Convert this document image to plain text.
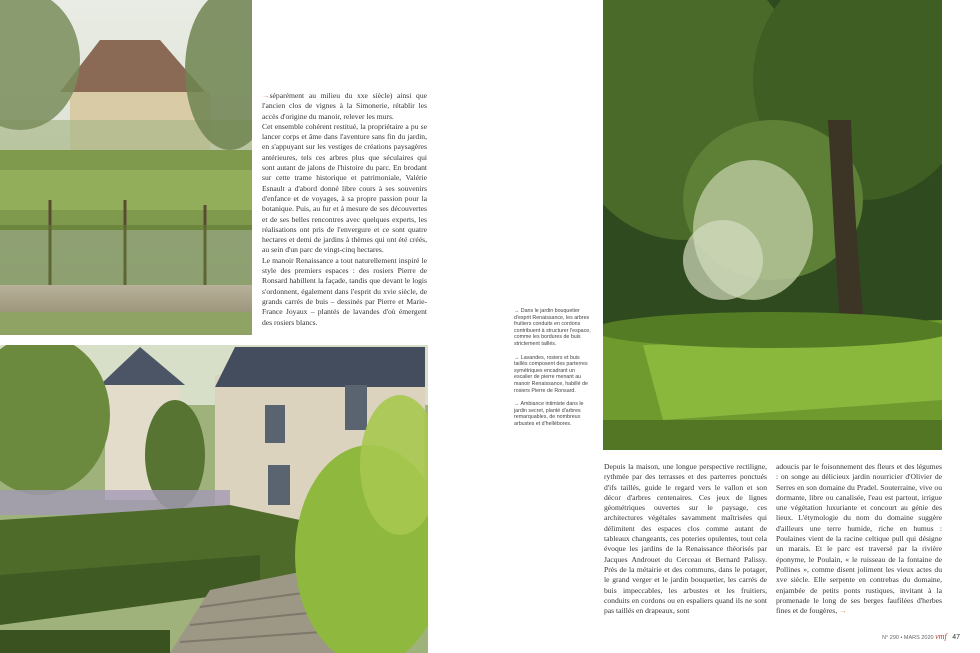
→séparément au milieu du xxe siècle) ainsi que l'ancien clos de vignes à la Simonerie, rétablir les accès d'origine du manoir, relever les murs.

Cet ensemble cohérent restitué, la propriétaire a pu se lancer corps et âme dans l'aventure sans fin du jardin, en s'appuyant sur les vestiges de créations paysagères antérieures, tels ces arbres plus que séculaires qui sont autant de jalons de l'histoire du parc. En brodant sur cette trame historique et patrimoniale, Valérie Esnault a d'abord donné libre cours à ses souvenirs d'enfance et de voyages, à sa propre passion pour la botanique. Puis, au fur et à mesure de ses découvertes et de ses belles rencontres avec quelques experts, les réalisations ont pris de l'envergure et ce sont quatre hectares et demi de jardins à thèmes qui ont été créés, au sein d'un parc de vingt-cinq hectares.

Le manoir Renaissance a tout naturellement inspiré le style des premiers espaces : des rosiers Pierre de Ronsard habillent la façade, tandis que devant le logis s'ordonnent, également dans l'esprit du xvie siècle, de grands carrés de buis – dessinés par Pierre et Marie-France Joyaux – plantés de lavandes d'où émergent des rosiers blancs.

→ Dans le jardin bouquetier d'esprit Renaissance, les arbres fruitiers conduits en cordons contribuent à structurer l'espace, comme les bordures de buis strictement taillés.
→ Lavandes, rosiers et buis taillés composent des parterres symétriques encadrant un escalier de pierre menant au manoir Renaissance, habillé de rosiers Pierre de Ronsard.
→ Ambiance intimiste dans le jardin secret, planté d'arbres remarquables, de nombreux arbustes et d'hellébores.

Depuis la maison, une longue perspective rectiligne, rythmée par des terrasses et des parterres ponctués d'ifs taillés, guide le regard vers le vallon et son décor d'arbres centenaires. Ces jeux de lignes géométriques ouvertes sur le paysage, ces architectures végétales savamment maîtrisées qui délimitent des espaces clos comme autant de tableaux changeants, ces poteries opulentes, tout cela évoque les jardins de la Renaissance théorisés par Jacques Androuet du Cerceau et Bernard Palissy. Près de la métairie et des communs, dans le potager, le grand verger et le jardin bouquetier, les carrés de buis impeccables, les arbustes et les fruitiers, conduits en cordons ou en espaliers quand ils ne sont pas taillés en drapeaux, sont

adoucis par le foisonnement des fleurs et des légumes : on songe au délicieux jardin nourricier d'Olivier de Serres en son domaine du Pradel. Souterraine, vive ou dormante, libre ou canalisée, l'eau est partout, irrigue une végétation luxuriante et concourt au génie des lieux. L'étymologie du nom du domaine suggère d'ailleurs une terre humide, riche en humus : Poulaines vient de la racine celtique pull qui désigne un marais. Et le parc est traversé par la rivière éponyme, le Poulain, « le ruisseau de la fontaine de Pollines », comme disent joliment les vieux actes du xve siècle. Elle serpente en contrebas du domaine, enjambée de petits ponts rustiques, invitant à la promenade le long de ses berges faufilées d'herbes fines et de fougères, →

N° 290 • MARS 2020 vmf 47
